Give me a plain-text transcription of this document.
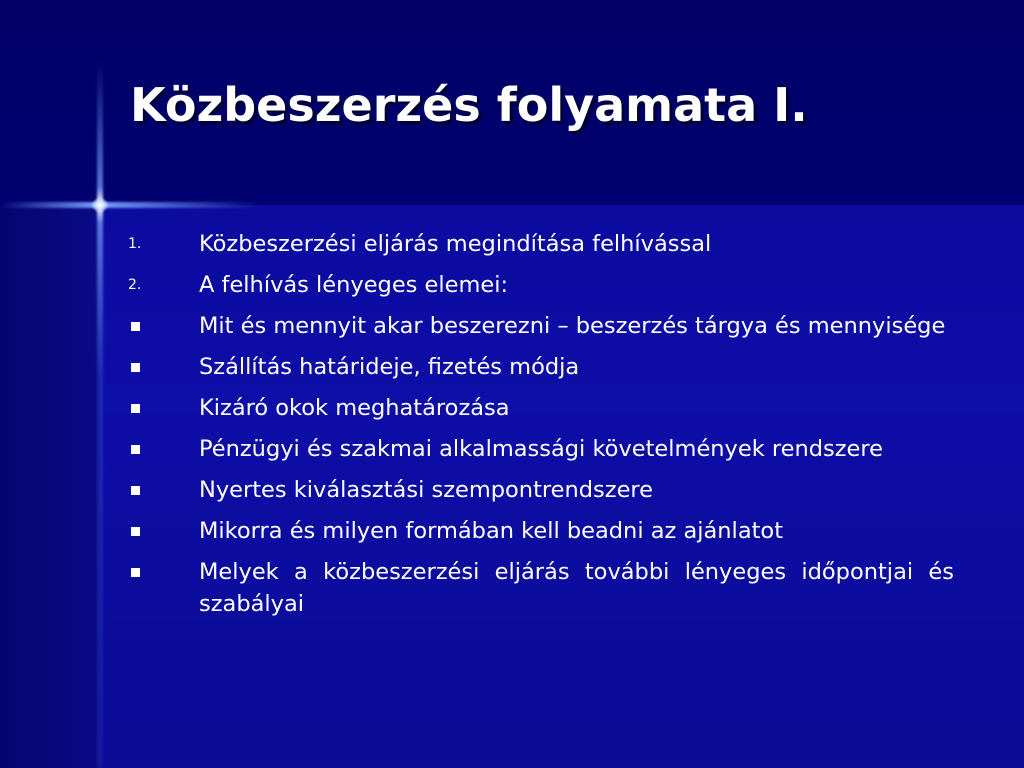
Közbeszerzés folyamata I.
1.	Közbeszerzési eljárás megindítása felhívással
2.	A felhívás lényeges elemei:
Mit és mennyit akar beszerezni – beszerzés tárgya és mennyisége
Szállítás határideje, fizetés módja
Kizáró okok meghatározása
Pénzügyi és szakmai alkalmassági követelmények rendszere
Nyertes kiválasztási szempontrendszere
Mikorra és milyen formában kell beadni az ajánlatot
Melyek a közbeszerzési eljárás további lényeges időpontjai és szabályai
